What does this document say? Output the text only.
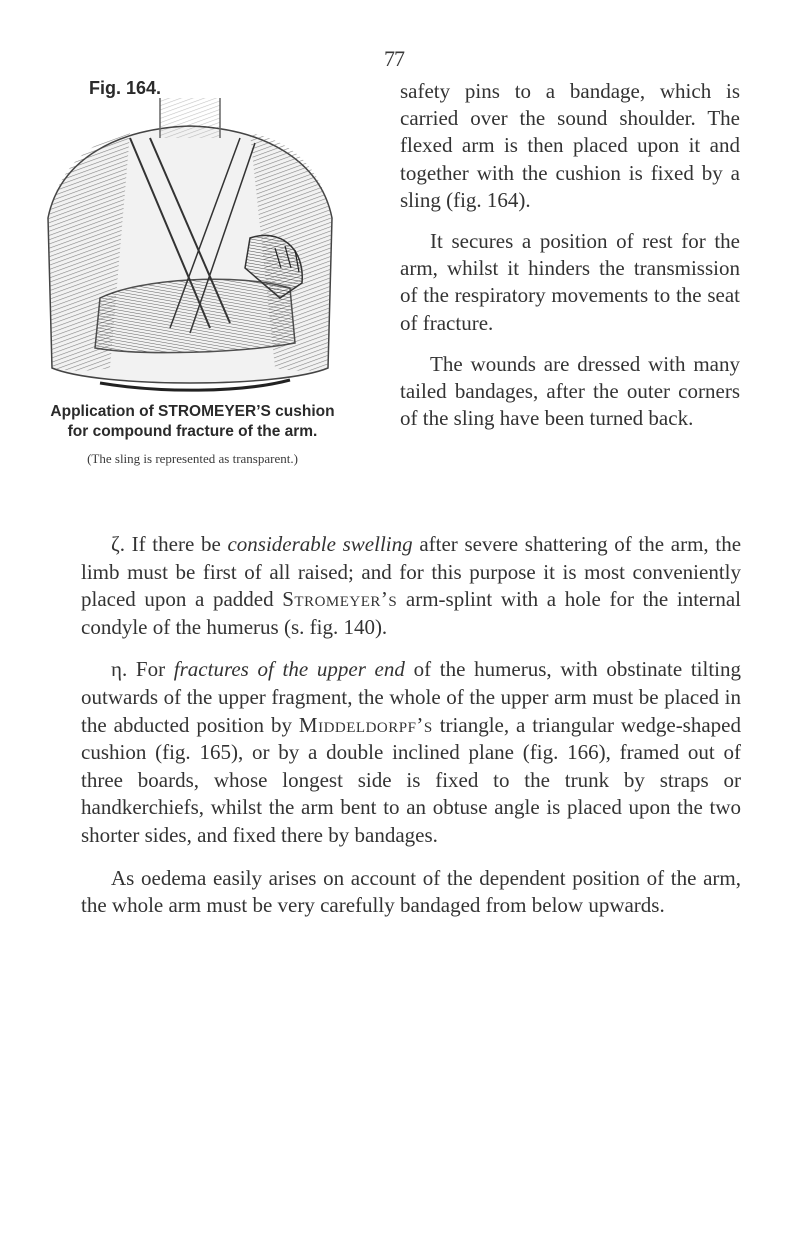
77
Fig. 164.
Application of STROMEYER’S cushion for compound fracture of the arm.
(The sling is represented as transparent.)

safety pins to a bandage, which is carried over the sound shoulder. The flexed arm is then placed upon it and together with the cushion is fixed by a sling (fig. 164).

It secures a position of rest for the arm, whilst it hinders the transmission of the respiratory movements to the seat of fracture.

The wounds are dressed with many tailed bandages, after the outer corners of the sling have been turned back.

ζ. If there be considerable swelling after severe shattering of the arm, the limb must be first of all raised; and for this purpose it is most conveniently placed upon a padded Stromeyer’s arm-splint with a hole for the internal condyle of the humerus (s. fig. 140).

η. For fractures of the upper end of the humerus, with obstinate tilting outwards of the upper fragment, the whole of the upper arm must be placed in the abducted position by Middeldorpf’s triangle, a triangular wedge-shaped cushion (fig. 165), or by a double inclined plane (fig. 166), framed out of three boards, whose longest side is fixed to the trunk by straps or handkerchiefs, whilst the arm bent to an obtuse angle is placed upon the two shorter sides, and fixed there by bandages.

As oedema easily arises on account of the dependent position of the arm, the whole arm must be very carefully bandaged from below upwards.
